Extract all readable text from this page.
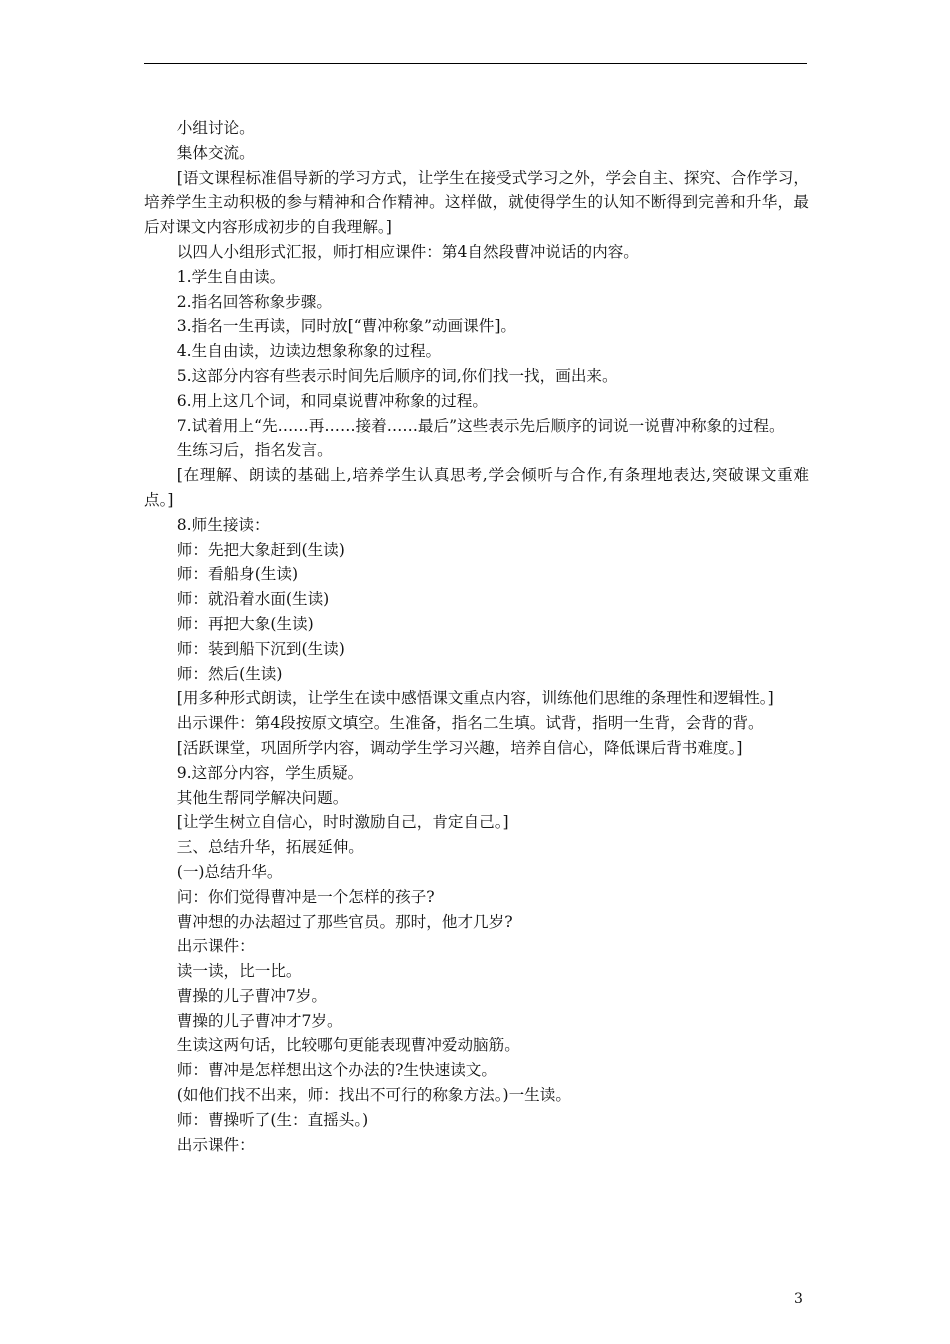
小组讨论。

集体交流。

[语文课程标准倡导新的学习方式，让学生在接受式学习之外，学会自主、探究、合作学习，培养学生主动积极的参与精神和合作精神。这样做，就使得学生的认知不断得到完善和升华，最后对课文内容形成初步的自我理解。]

以四人小组形式汇报，师打相应课件：第4自然段曹冲说话的内容。

1.学生自由读。

2.指名回答称象步骤。

3.指名一生再读，同时放[“曹冲称象”动画课件]。

4.生自由读，边读边想象称象的过程。

5.这部分内容有些表示时间先后顺序的词,你们找一找，画出来。

6.用上这几个词，和同桌说曹冲称象的过程。

7.试着用上“先……再……接着……最后”这些表示先后顺序的词说一说曹冲称象的过程。

生练习后，指名发言。

[在理解、朗读的基础上,培养学生认真思考,学会倾听与合作,有条理地表达,突破课文重难点。]

8.师生接读：

师：先把大象赶到(生读)

师：看船身(生读)

师：就沿着水面(生读)

师：再把大象(生读)

师：装到船下沉到(生读)

师：然后(生读)

[用多种形式朗读，让学生在读中感悟课文重点内容，训练他们思维的条理性和逻辑性。]

出示课件：第4段按原文填空。生准备，指名二生填。试背，指明一生背，会背的背。

[活跃课堂，巩固所学内容，调动学生学习兴趣，培养自信心，降低课后背书难度。]

9.这部分内容，学生质疑。

其他生帮同学解决问题。

[让学生树立自信心，时时激励自己，肯定自己。]

三、总结升华，拓展延伸。

(一)总结升华。

问：你们觉得曹冲是一个怎样的孩子?

曹冲想的办法超过了那些官员。那时，他才几岁?

出示课件：

读一读，比一比。

曹操的儿子曹冲7岁。

曹操的儿子曹冲才7岁。

生读这两句话，比较哪句更能表现曹冲爱动脑筋。

师：曹冲是怎样想出这个办法的?生快速读文。

(如他们找不出来，师：找出不可行的称象方法。)一生读。

师：曹操听了(生：直摇头。)

出示课件：

3
